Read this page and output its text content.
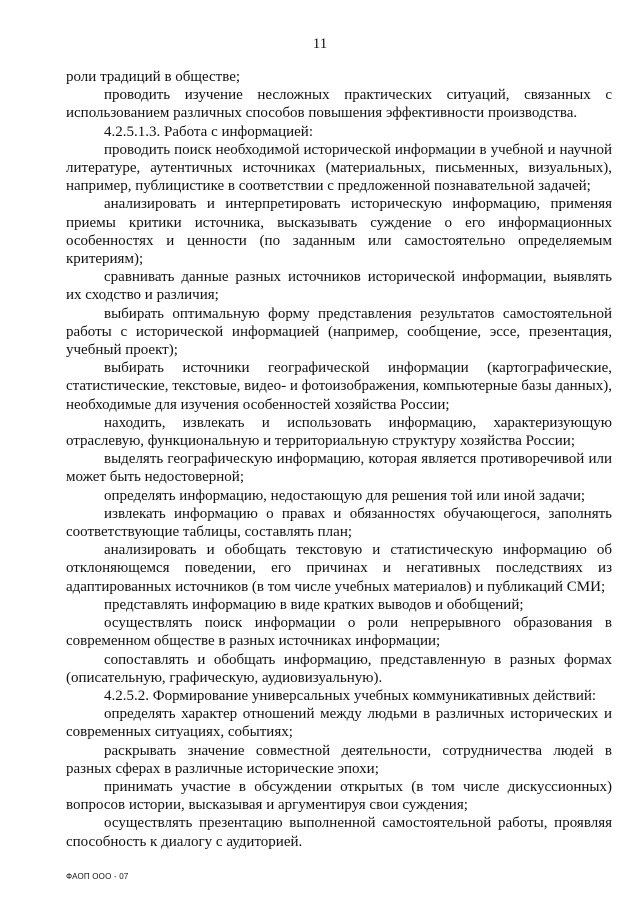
11

роли традиций в обществе;

проводить изучение несложных практических ситуаций, связанных с использованием различных способов повышения эффективности производства.

4.2.5.1.3. Работа с информацией:

проводить поиск необходимой исторической информации в учебной и научной литературе, аутентичных источниках (материальных, письменных, визуальных), например, публицистике в соответствии с предложенной познавательной задачей;

анализировать и интерпретировать историческую информацию, применяя приемы критики источника, высказывать суждение о его информационных особенностях и ценности (по заданным или самостоятельно определяемым критериям);

сравнивать данные разных источников исторической информации, выявлять их сходство и различия;

выбирать оптимальную форму представления результатов самостоятельной работы с исторической информацией (например, сообщение, эссе, презентация, учебный проект);

выбирать источники географической информации (картографические, статистические, текстовые, видео- и фотоизображения, компьютерные базы данных), необходимые для изучения особенностей хозяйства России;

находить, извлекать и использовать информацию, характеризующую отраслевую, функциональную и территориальную структуру хозяйства России;

выделять географическую информацию, которая является противоречивой или может быть недостоверной;

определять информацию, недостающую для решения той или иной задачи;

извлекать информацию о правах и обязанностях обучающегося, заполнять соответствующие таблицы, составлять план;

анализировать и обобщать текстовую и статистическую информацию об отклоняющемся поведении, его причинах и негативных последствиях из адаптированных источников (в том числе учебных материалов) и публикаций СМИ;

представлять информацию в виде кратких выводов и обобщений;

осуществлять поиск информации о роли непрерывного образования в современном обществе в разных источниках информации;

сопоставлять и обобщать информацию, представленную в разных формах (описательную, графическую, аудиовизуальную).

4.2.5.2. Формирование универсальных учебных коммуникативных действий:

определять характер отношений между людьми в различных исторических и современных ситуациях, событиях;

раскрывать значение совместной деятельности, сотрудничества людей в разных сферах в различные исторические эпохи;

принимать участие в обсуждении открытых (в том числе дискуссионных) вопросов истории, высказывая и аргументируя свои суждения;

осуществлять презентацию выполненной самостоятельной работы, проявляя способность к диалогу с аудиторией.

ФАОП ООО - 07
